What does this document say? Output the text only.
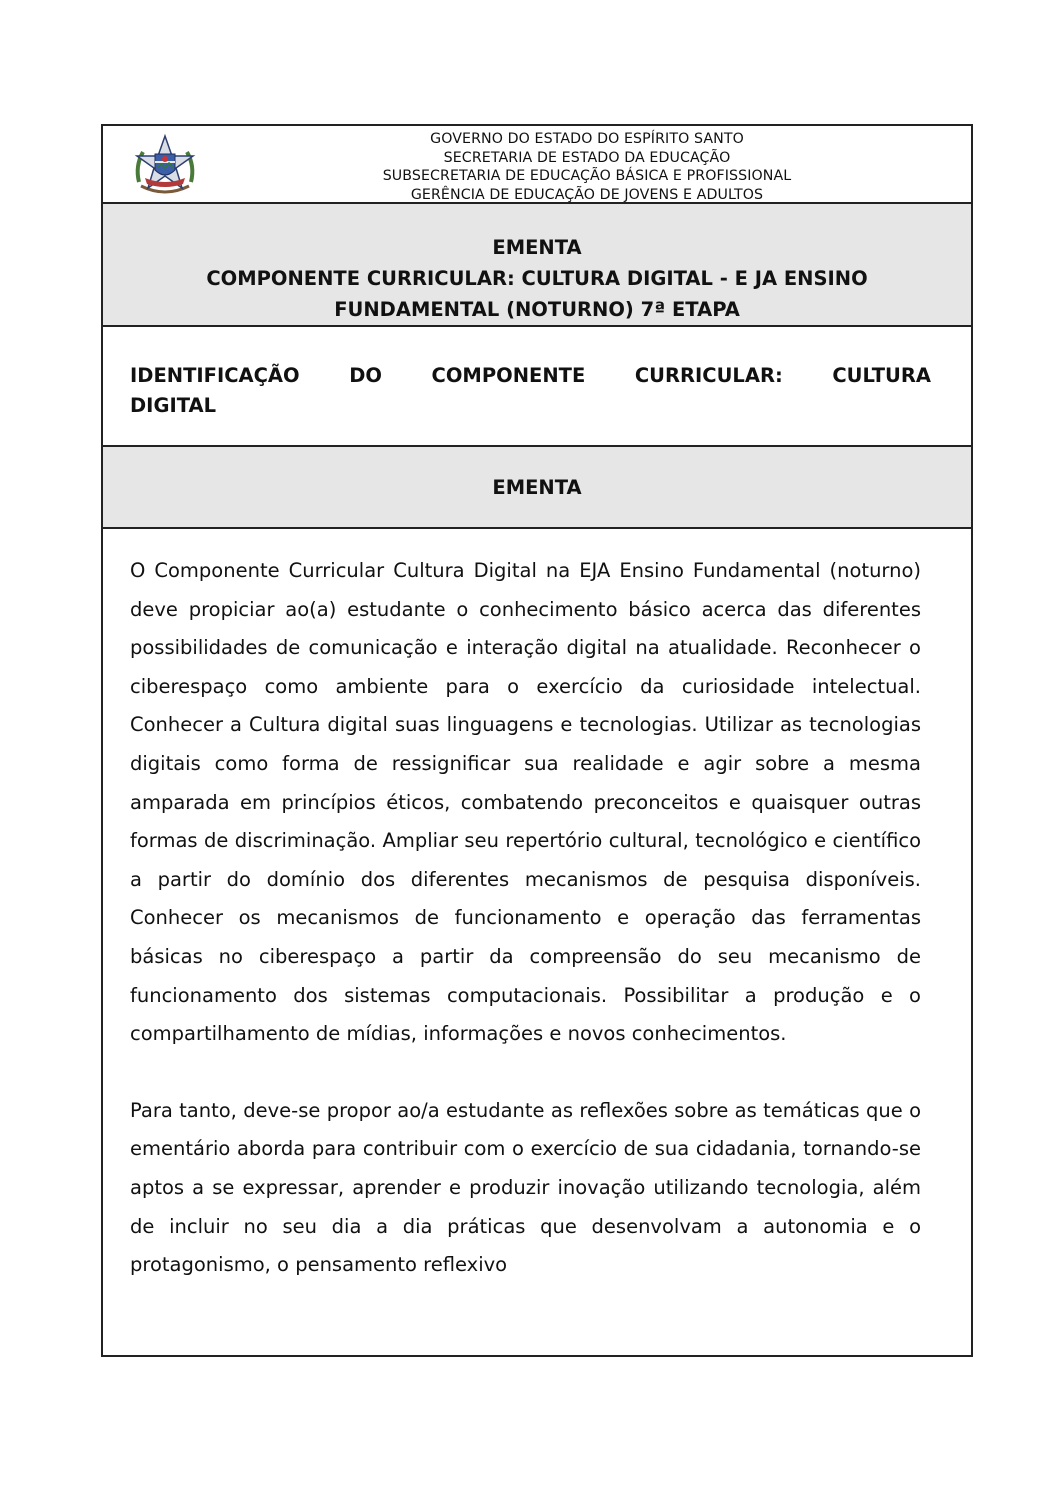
GOVERNO DO ESTADO DO ESPÍRITO SANTO
SECRETARIA DE ESTADO DA EDUCAÇÃO
SUBSECRETARIA DE EDUCAÇÃO BÁSICA E PROFISSIONAL
GERÊNCIA DE EDUCAÇÃO DE JOVENS E ADULTOS
EMENTA
COMPONENTE CURRICULAR: CULTURA DIGITAL - E JA ENSINO
FUNDAMENTAL (NOTURNO) 7ª ETAPA
IDENTIFICAÇÃO	DO	COMPONENTE	CURRICULAR:	CULTURA
DIGITAL
EMENTA

O Componente Curricular Cultura Digital na EJA Ensino Fundamental (noturno) deve propiciar ao(a) estudante o conhecimento básico acerca das diferentes possibilidades de comunicação e interação digital na atualidade. Reconhecer o ciberespaço como ambiente para o exercício da curiosidade intelectual. Conhecer a Cultura digital suas linguagens e tecnologias. Utilizar as tecnologias digitais como forma de ressignificar sua realidade e agir sobre a mesma amparada em princípios éticos, combatendo preconceitos e quaisquer outras formas de discriminação. Ampliar seu repertório cultural, tecnológico e científico a partir do domínio dos diferentes mecanismos de pesquisa disponíveis. Conhecer os mecanismos de funcionamento e operação das ferramentas básicas no ciberespaço a partir da compreensão do seu mecanismo de funcionamento dos sistemas computacionais. Possibilitar a produção e o compartilhamento de mídias, informações e novos conhecimentos.

Para tanto, deve-se propor ao/a estudante as reflexões sobre as temáticas que o ementário aborda para contribuir com o exercício de sua cidadania, tornando-se aptos a se expressar, aprender e produzir inovação utilizando tecnologia, além de incluir no seu dia a dia práticas que desenvolvam a autonomia e o protagonismo, o pensamento reflexivo
